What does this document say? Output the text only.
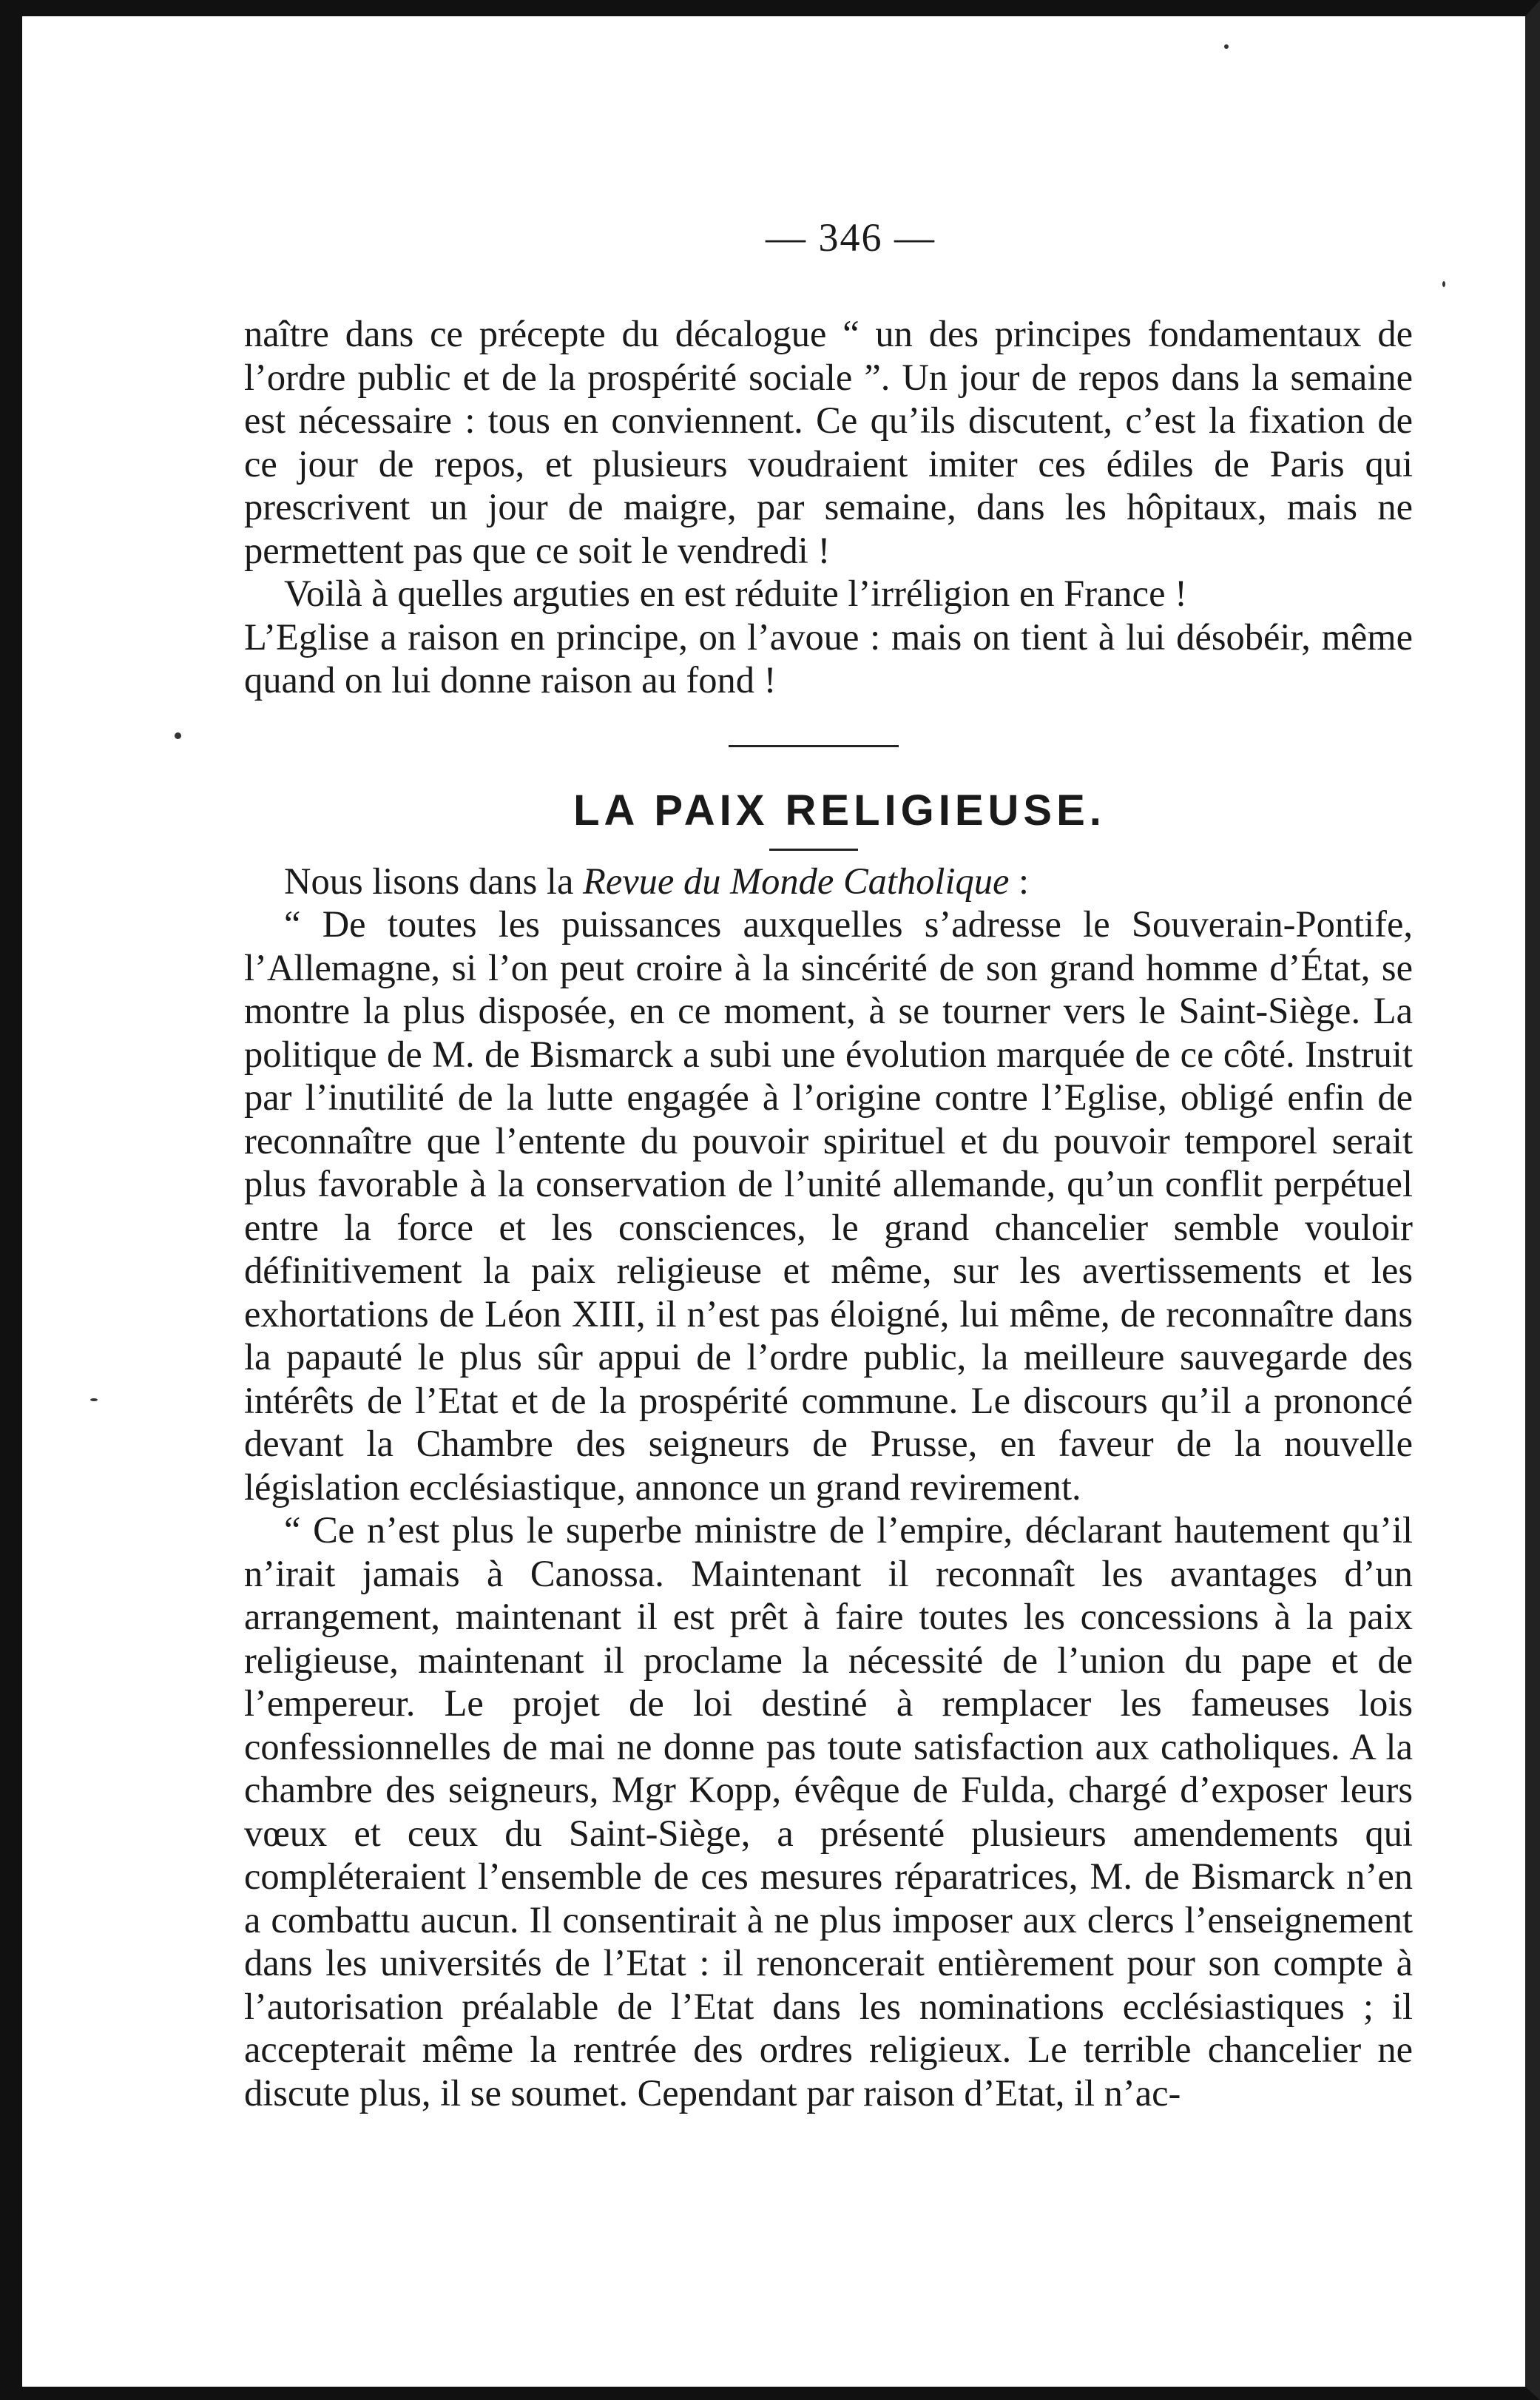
— 346 —

naître dans ce précepte du décalogue “ un des principes fondamentaux de l’ordre public et de la prospérité sociale ”. Un jour de repos dans la semaine est nécessaire : tous en conviennent. Ce qu’ils discutent, c’est la fixation de ce jour de repos, et plusieurs voudraient imiter ces édiles de Paris qui prescrivent un jour de maigre, par semaine, dans les hôpitaux, mais ne permettent pas que ce soit le vendredi !

Voilà à quelles arguties en est réduite l’irréligion en France !

L’Eglise a raison en principe, on l’avoue : mais on tient à lui désobéir, même quand on lui donne raison au fond !

LA PAIX RELIGIEUSE.

Nous lisons dans la Revue du Monde Catholique :

“ De toutes les puissances auxquelles s’adresse le Souverain-Pontife, l’Allemagne, si l’on peut croire à la sincérité de son grand homme d’État, se montre la plus disposée, en ce moment, à se tourner vers le Saint-Siège. La politique de M. de Bismarck a subi une évolution marquée de ce côté. Instruit par l’inutilité de la lutte engagée à l’origine contre l’Eglise, obligé enfin de reconnaître que l’entente du pouvoir spirituel et du pouvoir temporel serait plus favorable à la conservation de l’unité allemande, qu’un conflit perpétuel entre la force et les consciences, le grand chancelier semble vouloir définitivement la paix religieuse et même, sur les avertissements et les exhortations de Léon XIII, il n’est pas éloigné, lui même, de reconnaître dans la papauté le plus sûr appui de l’ordre public, la meilleure sauvegarde des intérêts de l’Etat et de la prospérité commune. Le discours qu’il a prononcé devant la Chambre des seigneurs de Prusse, en faveur de la nouvelle législation ecclésiastique, annonce un grand revirement.

“ Ce n’est plus le superbe ministre de l’empire, déclarant hautement qu’il n’irait jamais à Canossa. Maintenant il reconnaît les avantages d’un arrangement, maintenant il est prêt à faire toutes les concessions à la paix religieuse, maintenant il proclame la nécessité de l’union du pape et de l’empereur. Le projet de loi destiné à remplacer les fameuses lois confessionnelles de mai ne donne pas toute satisfaction aux catholiques. A la chambre des seigneurs, Mgr Kopp, évêque de Fulda, chargé d’exposer leurs vœux et ceux du Saint-Siège, a présenté plusieurs amendements qui compléteraient l’ensemble de ces mesures réparatrices, M. de Bismarck n’en a combattu aucun. Il consentirait à ne plus imposer aux clercs l’enseignement dans les universités de l’Etat : il renoncerait entièrement pour son compte à l’autorisation préalable de l’Etat dans les nominations ecclésiastiques ; il accepterait même la rentrée des ordres religieux. Le terrible chancelier ne discute plus, il se soumet. Cependant par raison d’Etat, il n’ac-
